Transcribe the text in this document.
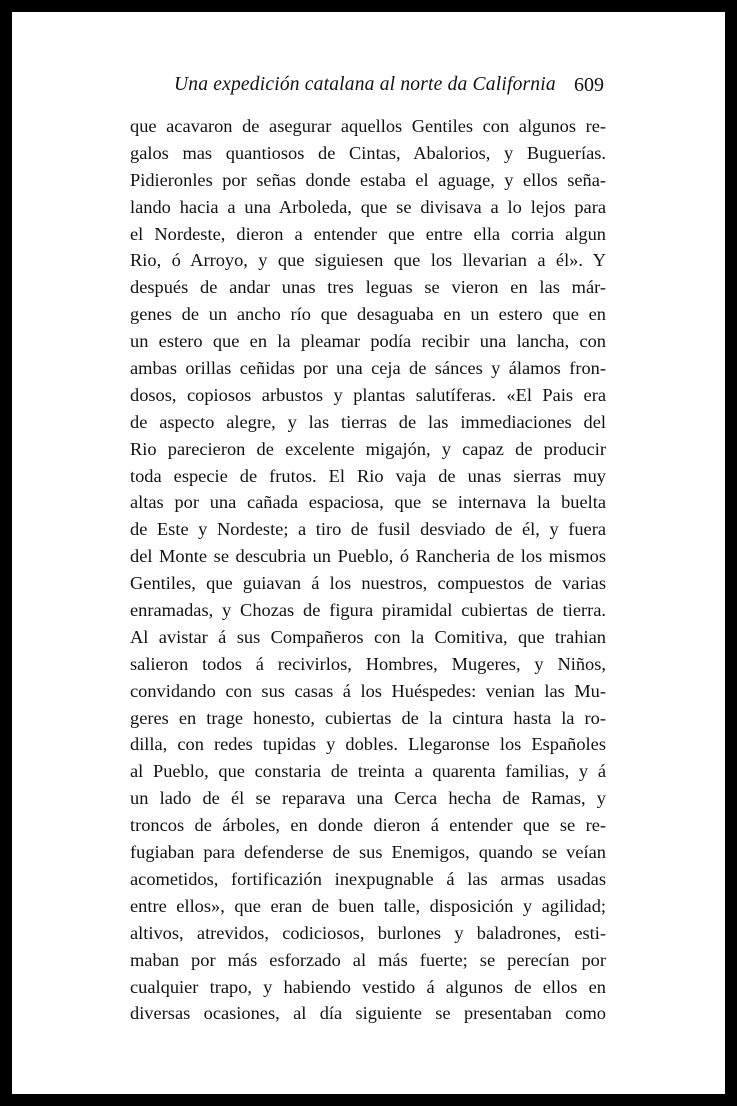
Una expedición catalana al norte da California 609
que acavaron de asegurar aquellos Gentiles con algunos re-
galos mas quantiosos de Cintas, Abalorios, y Buguerías.
Pidieronles por señas donde estaba el aguage, y ellos seña-
lando hacia a una Arboleda, que se divisava a lo lejos para
el Nordeste, dieron a entender que entre ella corria algun
Rio, ó Arroyo, y que siguiesen que los llevarian a él». Y
después de andar unas tres leguas se vieron en las már-
genes de un ancho río que desaguaba en un estero que en
un estero que en la pleamar podía recibir una lancha, con
ambas orillas ceñidas por una ceja de sánces y álamos fron-
dosos, copiosos arbustos y plantas salutíferas. «El Pais era
de aspecto alegre, y las tierras de las immediaciones del
Rio parecieron de excelente migajón, y capaz de producir
toda especie de frutos. El Rio vaja de unas sierras muy
altas por una cañada espaciosa, que se internava la buelta
de Este y Nordeste; a tiro de fusil desviado de él, y fuera
del Monte se descubria un Pueblo, ó Rancheria de los mismos
Gentiles, que guiavan á los nuestros, compuestos de varias
enramadas, y Chozas de figura piramidal cubiertas de tierra.
Al avistar á sus Compañeros con la Comitiva, que trahian
salieron todos á recivirlos, Hombres, Mugeres, y Niños,
convidando con sus casas á los Huéspedes: venian las Mu-
geres en trage honesto, cubiertas de la cintura hasta la ro-
dilla, con redes tupidas y dobles. Llegaronse los Españoles
al Pueblo, que constaria de treinta a quarenta familias, y á
un lado de él se reparava una Cerca hecha de Ramas, y
troncos de árboles, en donde dieron á entender que se re-
fugiaban para defenderse de sus Enemigos, quando se veían
acometidos, fortificazión inexpugnable á las armas usadas
entre ellos», que eran de buen talle, disposición y agilidad;
altivos, atrevidos, codiciosos, burlones y baladrones, esti-
maban por más esforzado al más fuerte; se perecían por
cualquier trapo, y habiendo vestido á algunos de ellos en
diversas ocasiones, al día siguiente se presentaban como
